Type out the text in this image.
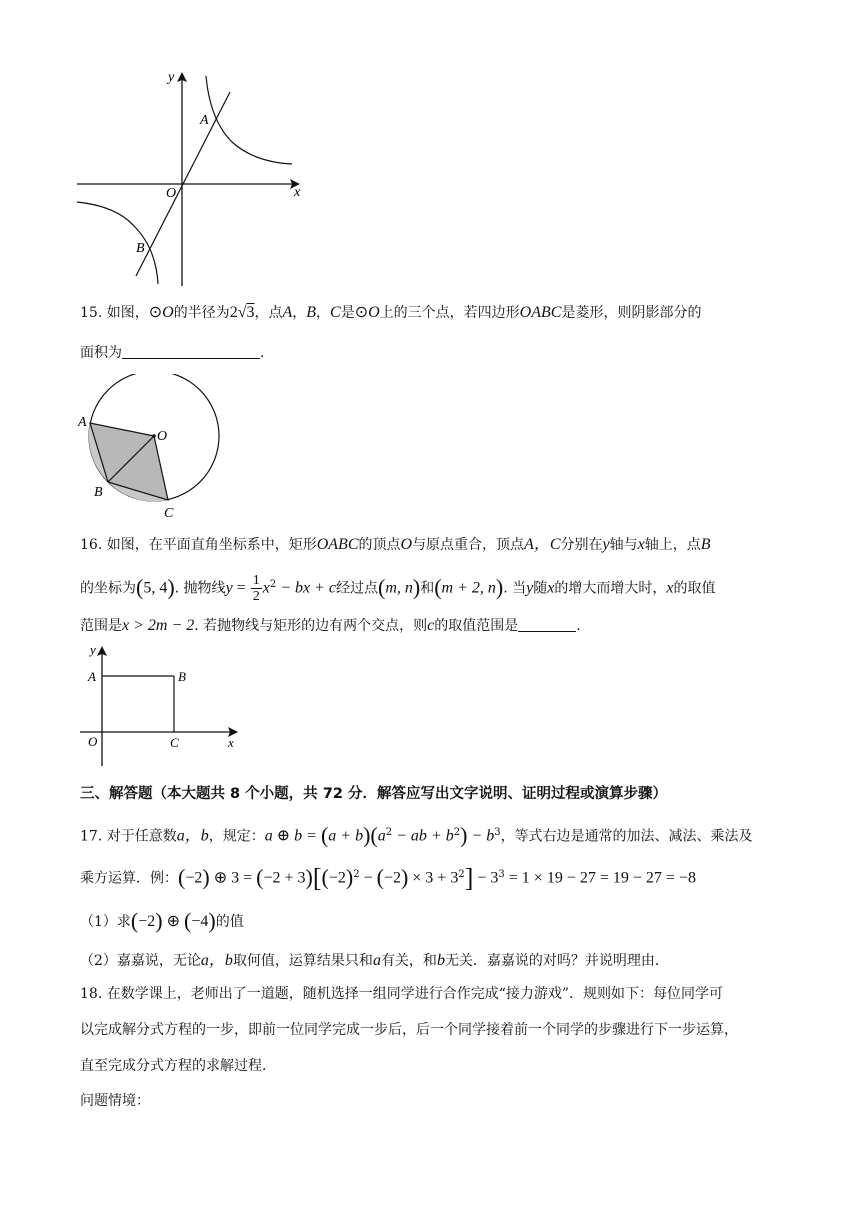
y
x
O
A
B
15. 如图，⊙O的半径为2√3，点A，B，C是⊙O上的三个点，若四边形OABC是菱形，则阴影部分的
面积为	.
A
O
B
C
16. 如图，在平面直角坐标系中，矩形OABC的顶点O与原点重合，顶点A，C分别在y轴与x轴上，点B
的坐标为(5, 4). 抛物线$y = \frac{1}{2} x^2$ − bx + c经过点(m, n)和(m + 2, n). 当y随x的增大而增大时，x的取值
范围是x > 2m − 2. 若抛物线与矩形的边有两个交点，则c的取值范围是	.
y
A	B
O	C	x
三、解答题（本大题共 8 个小题，共 72 分．解答应写出文字说明、证明过程或演算步骤）
17. 对于任意数a，b，规定：a ⊕ $b = (a + b)(a^2$ − ab + $b^2) - b^3$，等式右边是通常的加法、减法、乘法及
乘方运算．例：(−2) ⊕ $3 = (-2 + 3)[(-2)^2 - (-2) \times 3 + 3^2] - 3^3 = 1 \times 19 - 27 = 19 - 27 = -8$
（1）求(−2) ⊕ (−4)的值
（2）嘉嘉说，无论a，b取何值，运算结果只和a有关，和b无关．嘉嘉说的对吗？并说明理由．
18. 在数学课上，老师出了一道题，随机选择一组同学进行合作完成“接力游戏”．规则如下：每位同学可
以完成解分式方程的一步，即前一位同学完成一步后，后一个同学接着前一个同学的步骤进行下一步运算，
直至完成分式方程的求解过程．
问题情境：
